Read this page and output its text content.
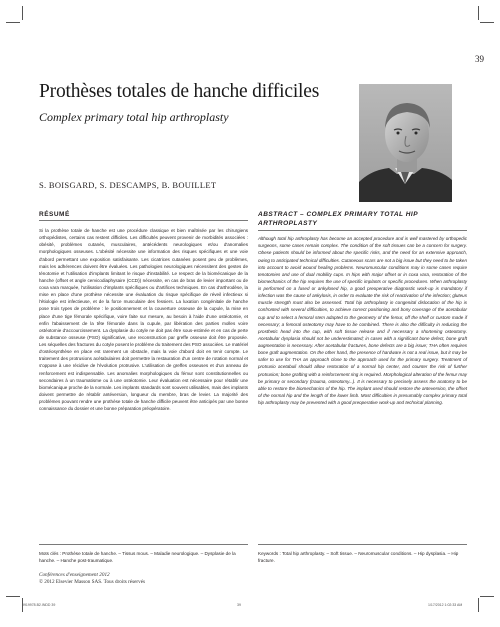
39
Prothèses totales de hanche difficiles
Complex primary total hip arthroplasty
S. BOISGARD, S. DESCAMPS, B. BOUILLET
RÉSUMÉ

Si la prothèse totale de hanche est une procédure classique et bien maîtrisée par les chirurgiens orthopédistes, certains cas restent difficiles. Les difficultés peuvent provenir de morbidités associées : obésité, problèmes cutanés, musculaires, antécédents neurologiques et/ou d'anomalies morphologiques osseuses. L'obésité nécessite une information des risques spécifiques et une voie d'abord permettant une exposition satisfaisante. Les cicatrices cutanées posent peu de problèmes, mais les adhérences doivent être évaluées. Les pathologies neurologiques nécessitent des gestes de ténotomie et l'utilisation d'implants limitant le risque d'instabilité. Le respect de la biomécanique de la hanche (offset et angle cervicodiaphysaire (CCD)) nécessite, en cas de bras de levier important ou de coxa vara marquée, l'utilisation d'implants spécifiques ou d'artifices techniques. En cas d'arthrodèse, la mise en place d'une prothèse nécessite une évaluation du risque spécifique de réveil infectieux si l'étiologie est infectieuse, et de la force musculaire des fessiers. La luxation congénitale de hanche pose trois types de problème : le positionnement et la couverture osseuse de la cupule, la mise en place d'une tige fémorale spécifique, voire faite sur mesure, au besoin à l'aide d'une ostéotomie, et enfin l'abaissement de la tête fémorale dans la cupule, par libération des parties molles voire ostéotomie d'accourcissement. La dysplasie du cotyle ne doit pas être sous-estimée et en cas de perte de substance osseuse (PSO) significative, une reconstruction par greffe osseuse doit être proposée. Les séquelles des fractures du cotyle posent le problème du traitement des PSO associées. Le matériel d'ostéosynthèse en place est rarement un obstacle, mais la voie d'abord doit en tenir compte. Le traitement des protrusions acétabulaires doit permettre la restauration d'un centre de rotation normal et s'oppose à une récidive de l'évolution protrusive. L'utilisation de greffes osseuses et d'un anneau de renforcement est indispensable. Les anomalies morphologiques du fémur sont constitutionnelles ou secondaires à un traumatisme ou à une ostéotomie. Leur évaluation est nécessaire pour rétablir une biomécanique proche de la normale. Les implants standards sont souvent utilisables, mais des implants doivent permettre de rétablir antéversion, longueur du membre, bras de levier. La majorité des problèmes pouvant rendre une prothèse totale de hanche difficile peuvent être anticipés par une bonne connaissance du dossier et une bonne préparation préopératoire.

ABSTRACT – COMPLEX PRIMARY TOTAL HIP ARTHROPLASTY

Although total hip arthroplasty has become an accepted procedure and is well mastered by orthopedic surgeons, some cases remain complex. The condition of the soft tissues can be a concern for surgery. Obese patients should be informed about the specific risks, and the need for an extensive approach, owing to anticipated technical difficulties. Cutaneous scars are not a big issue but they need to be taken into account to avoid wound healing problems. Neuromuscular conditions may in some cases require tenotomies and use of dual mobility cups. In hips with major offset or in coxa vara, restoration of the biomechanics of the hip requires the use of specific implants or specific procedures. When arthroplasty is performed on a fused or ankylosed hip, a good preoperative diagnostic work-up is mandatory if infection was the cause of ankylosis, in order to evaluate the risk of reactivation of the infection; gluteus muscle strength must also be assessed. Total hip arthroplasty in congenital dislocation of the hip is confronted with several difficulties, to achieve correct positioning and bony coverage of the acetabular cup and to select a femoral stem adapted to the geometry of the femur, off the shelf or custom made if necessary; a femoral osteotomy may have to be combined. There is also the difficulty in reducing the prosthetic head into the cup, with soft tissue release and if necessary a shortening osteotomy. Acetabular dysplasia should not be underestimated; in cases with a significant bone defect, bone graft augmentation is necessary. After acetabular fractures, bone defects are a big issue; THA often requires bone graft augmentation. On the other hand, the presence of hardware is not a real issue, but it may be safer to use for THA an approach close to the approach used for the primary surgery. Treatment of protrusio acetabuli should allow restoration of a normal hip center, and counter the risk of further protrusion; bone grafting with a reinforcement ring is required. Morphological alteration of the femur may be primary or secondary (trauma, osteotomy...). It is necessary to precisely assess the anatomy to be able to restore the biomechanics of the hip. The implant used should restore the anteversion, the offset of the normal hip and the length of the lower limb. Most difficulties in presumably complex primary total hip arthroplasty may be prevented with a good preoperative work-up and technical planning.

Mots clés : Prothèse totale de hanche. – Tissus mous. – Maladie neurologique. – Dysplasie de la hanche. – Hanche post-traumatique.
Keywords : Total hip arthroplasty. – Soft tissue. – Neuromuscular conditions. – Hip dysplasia. – Hip fracture.
Conférences d'enseignement 2012
© 2012 Elsevier Masson SAS. Tous droits réservés
9919978.B2.INDD 39	39	1/17/2012 1:02:33 AM
